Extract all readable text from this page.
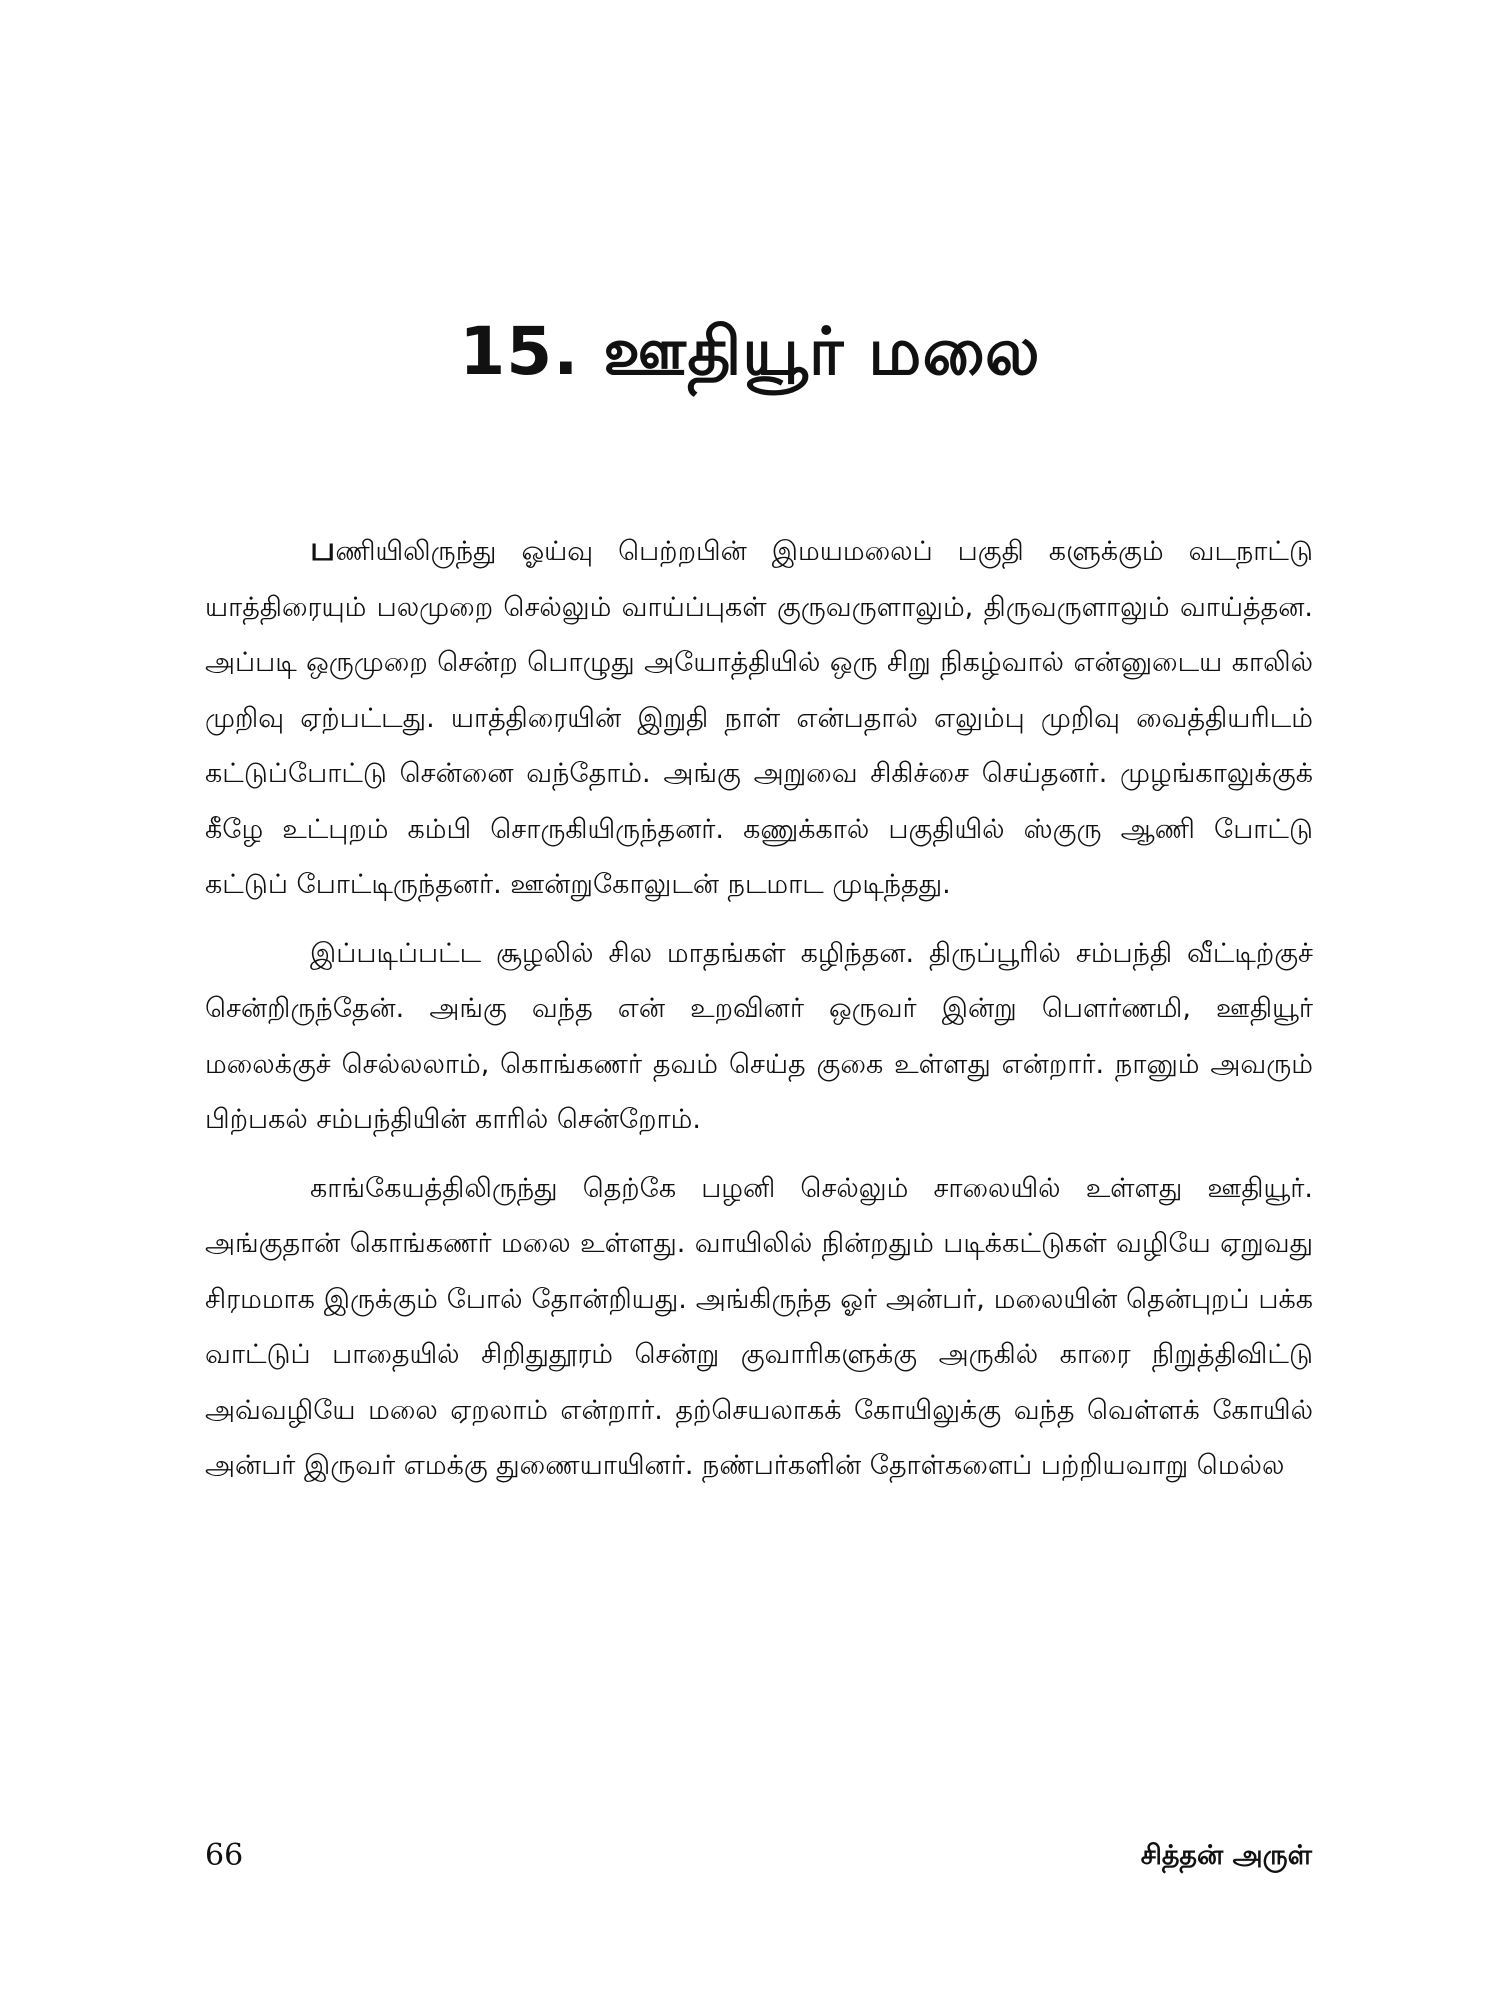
15. ஊதியூர் மலை

பணியிலிருந்து ஓய்வு பெற்றபின் இமயமலைப் பகுதி களுக்கும் வடநாட்டு யாத்திரையும் பலமுறை செல்லும் வாய்ப்புகள் குருவருளாலும், திருவருளாலும் வாய்த்தன. அப்படி ஒருமுறை சென்ற பொழுது அயோத்தியில் ஒரு சிறு நிகழ்வால் என்னுடைய காலில் முறிவு ஏற்பட்டது. யாத்திரையின் இறுதி நாள் என்பதால் எலும்பு முறிவு வைத்தியரிடம் கட்டுப்போட்டு சென்னை வந்தோம். அங்கு அறுவை சிகிச்சை செய்தனர். முழங்காலுக்குக் கீழே உட்புறம் கம்பி சொருகியிருந்தனர். கணுக்கால் பகுதியில் ஸ்குரு ஆணி போட்டு கட்டுப் போட்டிருந்தனர். ஊன்றுகோலுடன் நடமாட முடிந்தது.

இப்படிப்பட்ட சூழலில் சில மாதங்கள் கழிந்தன. திருப்பூரில் சம்பந்தி வீட்டிற்குச் சென்றிருந்தேன். அங்கு வந்த என் உறவினர் ஒருவர் இன்று பௌர்ணமி, ஊதியூர் மலைக்குச் செல்லலாம், கொங்கணர் தவம் செய்த குகை உள்ளது என்றார். நானும் அவரும் பிற்பகல் சம்பந்தியின் காரில் சென்றோம்.

காங்கேயத்திலிருந்து தெற்கே பழனி செல்லும் சாலையில் உள்ளது ஊதியூர். அங்குதான் கொங்கணர் மலை உள்ளது. வாயிலில் நின்றதும் படிக்கட்டுகள் வழியே ஏறுவது சிரமமாக இருக்கும் போல் தோன்றியது. அங்கிருந்த ஓர் அன்பர், மலையின் தென்புறப் பக்க வாட்டுப் பாதையில் சிறிதுதூரம் சென்று குவாரிகளுக்கு அருகில் காரை நிறுத்திவிட்டு அவ்வழியே மலை ஏறலாம் என்றார். தற்செயலாகக் கோயிலுக்கு வந்த வெள்ளக் கோயில் அன்பர் இருவர் எமக்கு துணையாயினர். நண்பர்களின் தோள்களைப் பற்றியவாறு மெல்ல

66	சித்தன் அருள்
